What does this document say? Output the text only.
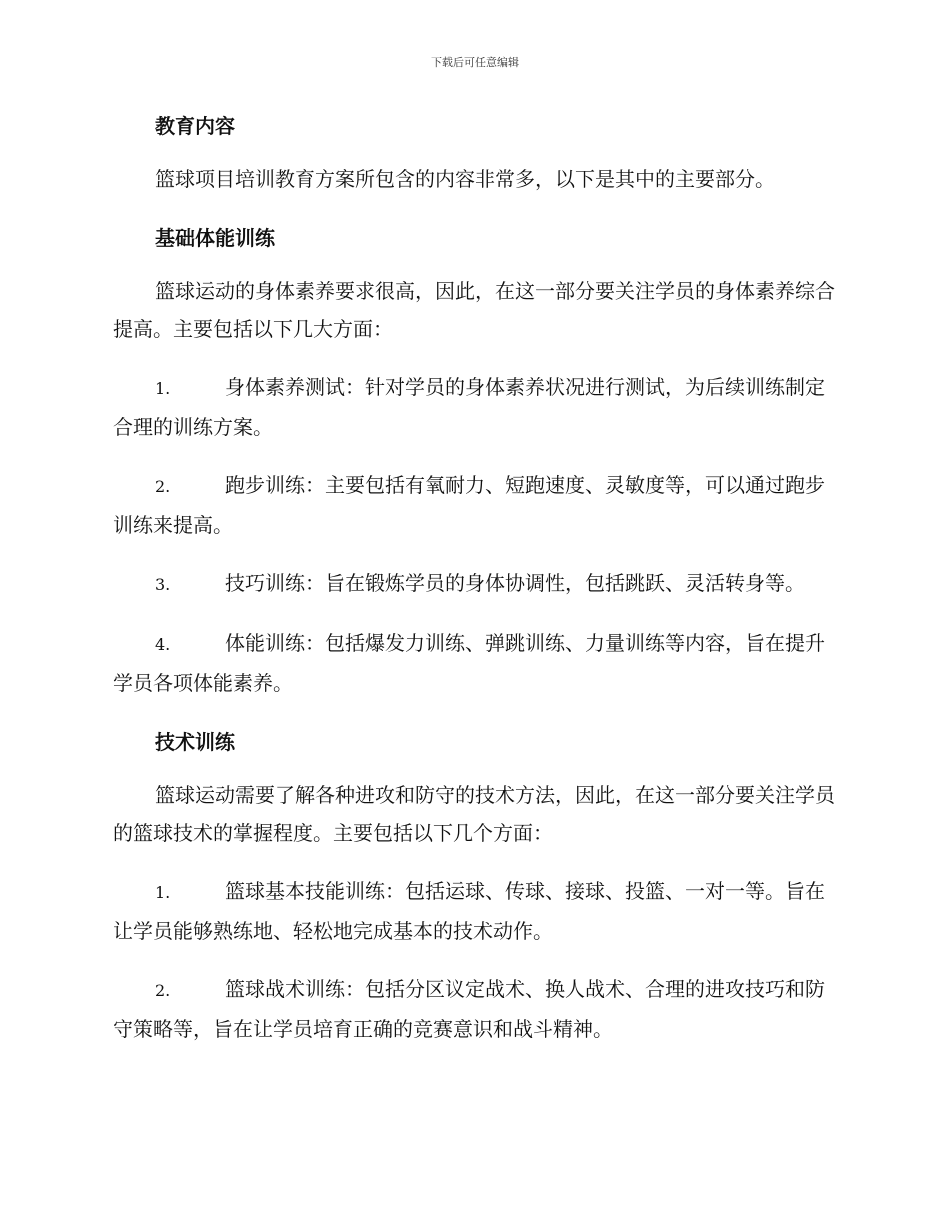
下载后可任意编辑
教育内容
篮球项目培训教育方案所包含的内容非常多，以下是其中的主要部分。
基础体能训练
篮球运动的身体素养要求很高，因此，在这一部分要关注学员的身体素养综合提高。主要包括以下几大方面：
1.	身体素养测试：针对学员的身体素养状况进行测试，为后续训练制定合理的训练方案。
2.	跑步训练：主要包括有氧耐力、短跑速度、灵敏度等，可以通过跑步训练来提高。
3.	技巧训练：旨在锻炼学员的身体协调性，包括跳跃、灵活转身等。
4.	体能训练：包括爆发力训练、弹跳训练、力量训练等内容，旨在提升学员各项体能素养。
技术训练
篮球运动需要了解各种进攻和防守的技术方法，因此，在这一部分要关注学员的篮球技术的掌握程度。主要包括以下几个方面：
1.	篮球基本技能训练：包括运球、传球、接球、投篮、一对一等。旨在让学员能够熟练地、轻松地完成基本的技术动作。
2.	篮球战术训练：包括分区议定战术、换人战术、合理的进攻技巧和防守策略等，旨在让学员培育正确的竞赛意识和战斗精神。
